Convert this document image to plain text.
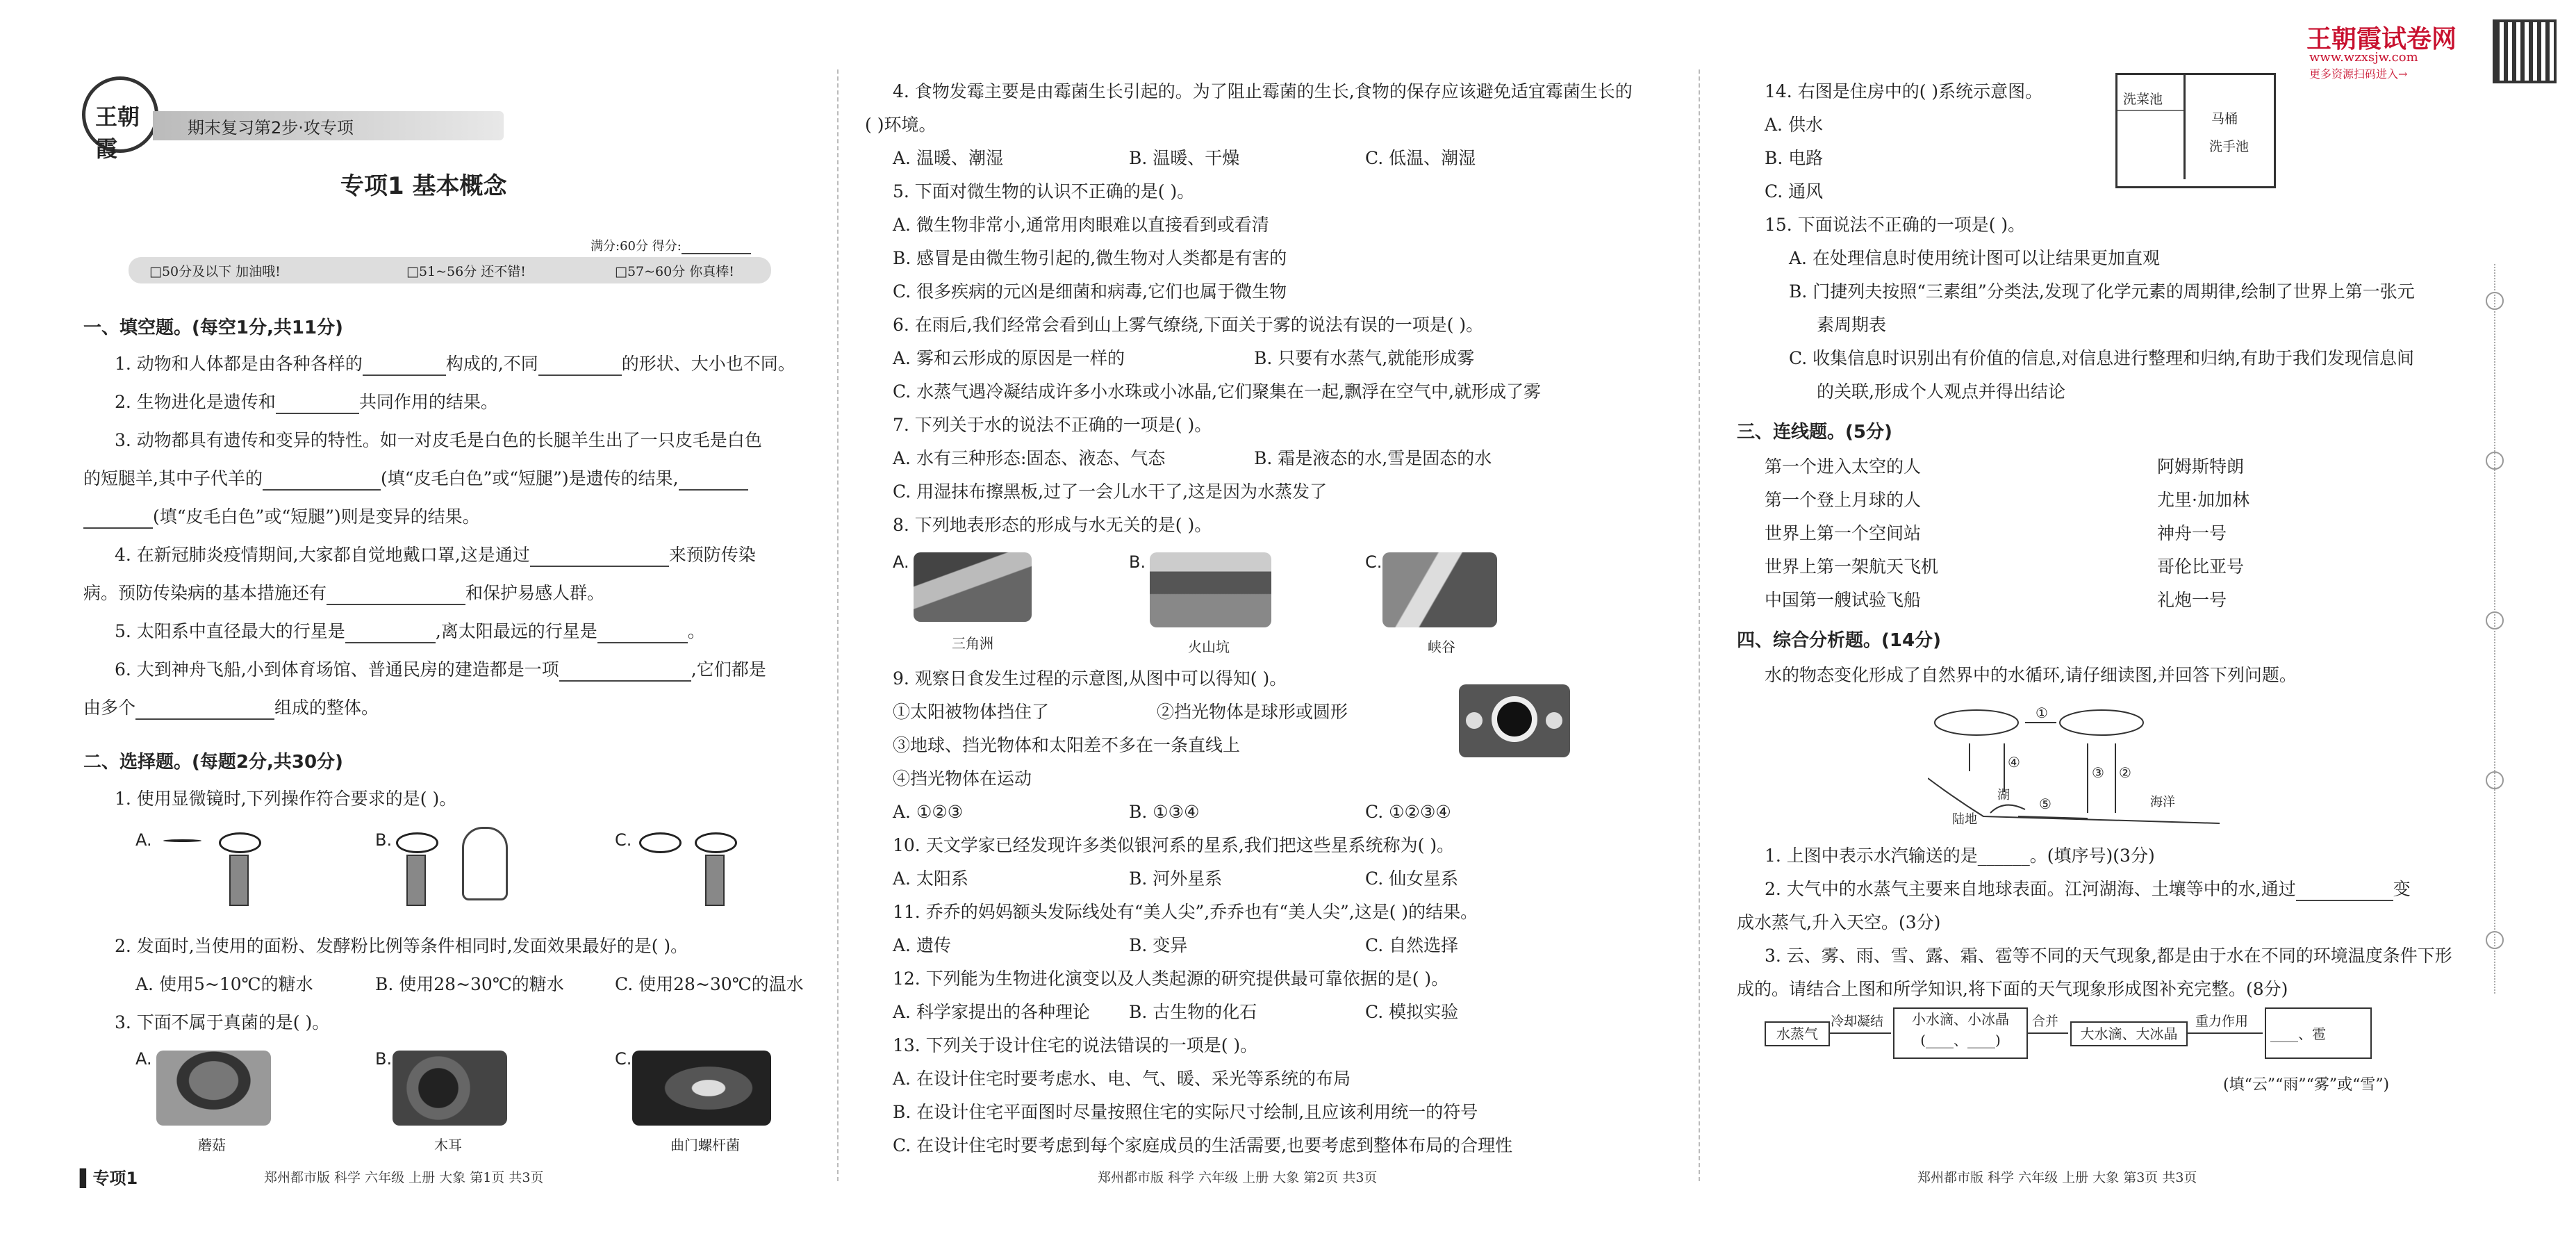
王朝霞试卷网
www.wzxsjw.com
更多资源扫码进入→
王朝霞
期末复习第2步·攻专项
专项1 基本概念
满分:60分 得分:
□50分及以下 加油哦!	□51~56分 还不错!	□57~60分 你真棒!
一、填空题。(每空1分,共11分)
1. 动物和人体都是由各种各样的	构成的,不同	的形状、大小也不同。
2. 生物进化是遗传和	共同作用的结果。
3. 动物都具有遗传和变异的特性。如一对皮毛是白色的长腿羊生出了一只皮毛是白色
的短腿羊,其中子代羊的	(填“皮毛白色”或“短腿”)是遗传的结果,
(填“皮毛白色”或“短腿”)则是变异的结果。
4. 在新冠肺炎疫情期间,大家都自觉地戴口罩,这是通过	来预防传染
病。预防传染病的基本措施还有	和保护易感人群。
5. 太阳系中直径最大的行星是	,离太阳最远的行星是	。
6. 大到神舟飞船,小到体育场馆、普通民房的建造都是一项	,它们都是
由多个	组成的整体。
二、选择题。(每题2分,共30分)
1. 使用显微镜时,下列操作符合要求的是( )。
A.	B.	C.
2. 发面时,当使用的面粉、发酵粉比例等条件相同时,发面效果最好的是( )。
A. 使用5~10℃的糖水	B. 使用28~30℃的糖水	C. 使用28~30℃的温水
3. 下面不属于真菌的是( )。
A.
蘑菇
B.
木耳
C.
曲门螺杆菌
▌专项1	郑州都市版 科学 六年级 上册 大象 第1页 共3页
4. 食物发霉主要是由霉菌生长引起的。为了阻止霉菌的生长,食物的保存应该避免适宜霉菌生长的
( )环境。
A. 温暖、潮湿	B. 温暖、干燥	C. 低温、潮湿
5. 下面对微生物的认识不正确的是( )。
A. 微生物非常小,通常用肉眼难以直接看到或看清
B. 感冒是由微生物引起的,微生物对人类都是有害的
C. 很多疾病的元凶是细菌和病毒,它们也属于微生物
6. 在雨后,我们经常会看到山上雾气缭绕,下面关于雾的说法有误的一项是( )。
A. 雾和云形成的原因是一样的	B. 只要有水蒸气,就能形成雾
C. 水蒸气遇冷凝结成许多小水珠或小冰晶,它们聚集在一起,飘浮在空气中,就形成了雾
7. 下列关于水的说法不正确的一项是( )。
A. 水有三种形态:固态、液态、气态	B. 霜是液态的水,雪是固态的水
C. 用湿抹布擦黑板,过了一会儿水干了,这是因为水蒸发了
8. 下列地表形态的形成与水无关的是( )。
A.
三角洲
B.
火山坑
C.
峡谷
9. 观察日食发生过程的示意图,从图中可以得知( )。
①太阳被物体挡住了	②挡光物体是球形或圆形
③地球、挡光物体和太阳差不多在一条直线上
④挡光物体在运动
A. ①②③	B. ①③④	C. ①②③④
10. 天文学家已经发现许多类似银河系的星系,我们把这些星系统称为( )。
A. 太阳系	B. 河外星系	C. 仙女星系
11. 乔乔的妈妈额头发际线处有“美人尖”,乔乔也有“美人尖”,这是( )的结果。
A. 遗传	B. 变异	C. 自然选择
12. 下列能为生物进化演变以及人类起源的研究提供最可靠依据的是( )。
A. 科学家提出的各种理论 B. 古生物的化石	C. 模拟实验
13. 下列关于设计住宅的说法错误的一项是( )。
A. 在设计住宅时要考虑水、电、气、暖、采光等系统的布局
B. 在设计住宅平面图时尽量按照住宅的实际尺寸绘制,且应该利用统一的符号
C. 在设计住宅时要考虑到每个家庭成员的生活需要,也要考虑到整体布局的合理性
郑州都市版 科学 六年级 上册 大象 第2页 共3页
14. 右图是住房中的( )系统示意图。
A. 供水
B. 电路
C. 通风
洗菜池
马桶
洗手池
15. 下面说法不正确的一项是( )。
A. 在处理信息时使用统计图可以让结果更加直观
B. 门捷列夫按照“三素组”分类法,发现了化学元素的周期律,绘制了世界上第一张元
素周期表
C. 收集信息时识别出有价值的信息,对信息进行整理和归纳,有助于我们发现信息间
的关联,形成个人观点并得出结论
三、连线题。(5分)
第一个进入太空的人
第一个登上月球的人
世界上第一个空间站
世界上第一架航天飞机
中国第一艘试验飞船
阿姆斯特朗
尤里·加加林
神舟一号
哥伦比亚号
礼炮一号
四、综合分析题。(14分)
水的物态变化形成了自然界中的水循环,请仔细读图,并回答下列问题。
①
②
③
④
⑤
陆地
湖	海洋
1. 上图中表示水汽输送的是______。(填序号)(3分)
2. 大气中的水蒸气主要来自地球表面。江河湖海、土壤等中的水,通过	变
成水蒸气,升入天空。(3分)
3. 云、雾、雨、雪、露、霜、雹等不同的天气现象,都是由于水在不同的环境温度条件下形
成的。请结合上图和所学知识,将下面的天气现象形成图补充完整。(8分)
水蒸气
冷却凝结	小水滴、小冰晶
(____、____)
合并
大水滴、大冰晶
重力作用
____、雹
(填“云”“雨”“雾”或“雪”)
郑州都市版 科学 六年级 上册 大象 第3页 共3页
